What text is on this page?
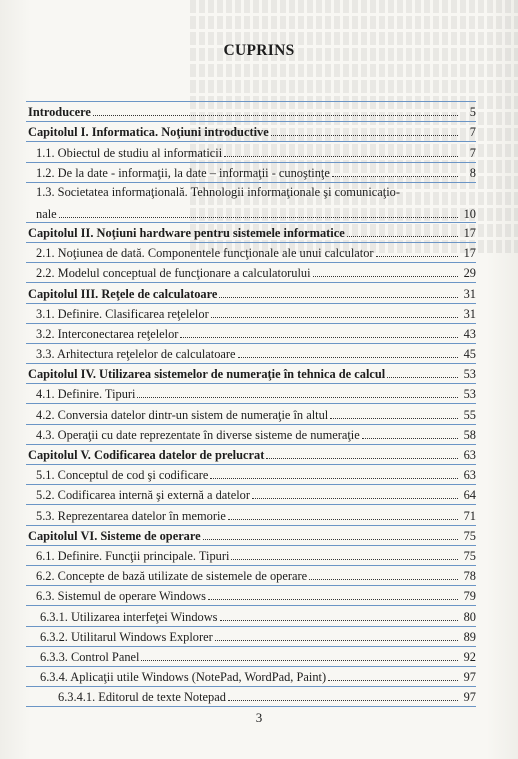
CUPRINS
Introducere	5
Capitolul I. Informatica. Noţiuni introductive	7
1.1. Obiectul de studiu al informaticii	7
1.2. De la date - informaţii, la date – informaţii - cunoştinţe	8
1.3. Societatea informaţională. Tehnologii informaţionale şi comunicaţio-
nale	10
Capitolul II. Noţiuni hardware pentru sistemele informatice	17
2.1. Noţiunea de dată. Componentele funcţionale ale unui calculator	17
2.2. Modelul conceptual de funcţionare a calculatorului	29
Capitolul III. Reţele de calculatoare	31
3.1. Definire. Clasificarea reţelelor	31
3.2. Interconectarea reţelelor	43
3.3. Arhitectura reţelelor de calculatoare	45
Capitolul IV. Utilizarea sistemelor de numeraţie în tehnica de calcul	53
4.1. Definire. Tipuri	53
4.2. Conversia datelor dintr-un sistem de numeraţie în altul	55
4.3. Operaţii cu date reprezentate în diverse sisteme de numeraţie	58
Capitolul V. Codificarea datelor de prelucrat	63
5.1. Conceptul de cod şi codificare	63
5.2. Codificarea internă şi externă a datelor	64
5.3. Reprezentarea datelor în memorie	71
Capitolul VI. Sisteme de operare	75
6.1. Definire. Funcţii principale. Tipuri	75
6.2. Concepte de bază utilizate de sistemele de operare	78
6.3. Sistemul de operare Windows	79
6.3.1. Utilizarea interfeţei Windows	80
6.3.2. Utilitarul Windows Explorer	89
6.3.3. Control Panel	92
6.3.4. Aplicaţii utile Windows (NotePad, WordPad, Paint)	97
6.3.4.1. Editorul de texte Notepad	97
3
